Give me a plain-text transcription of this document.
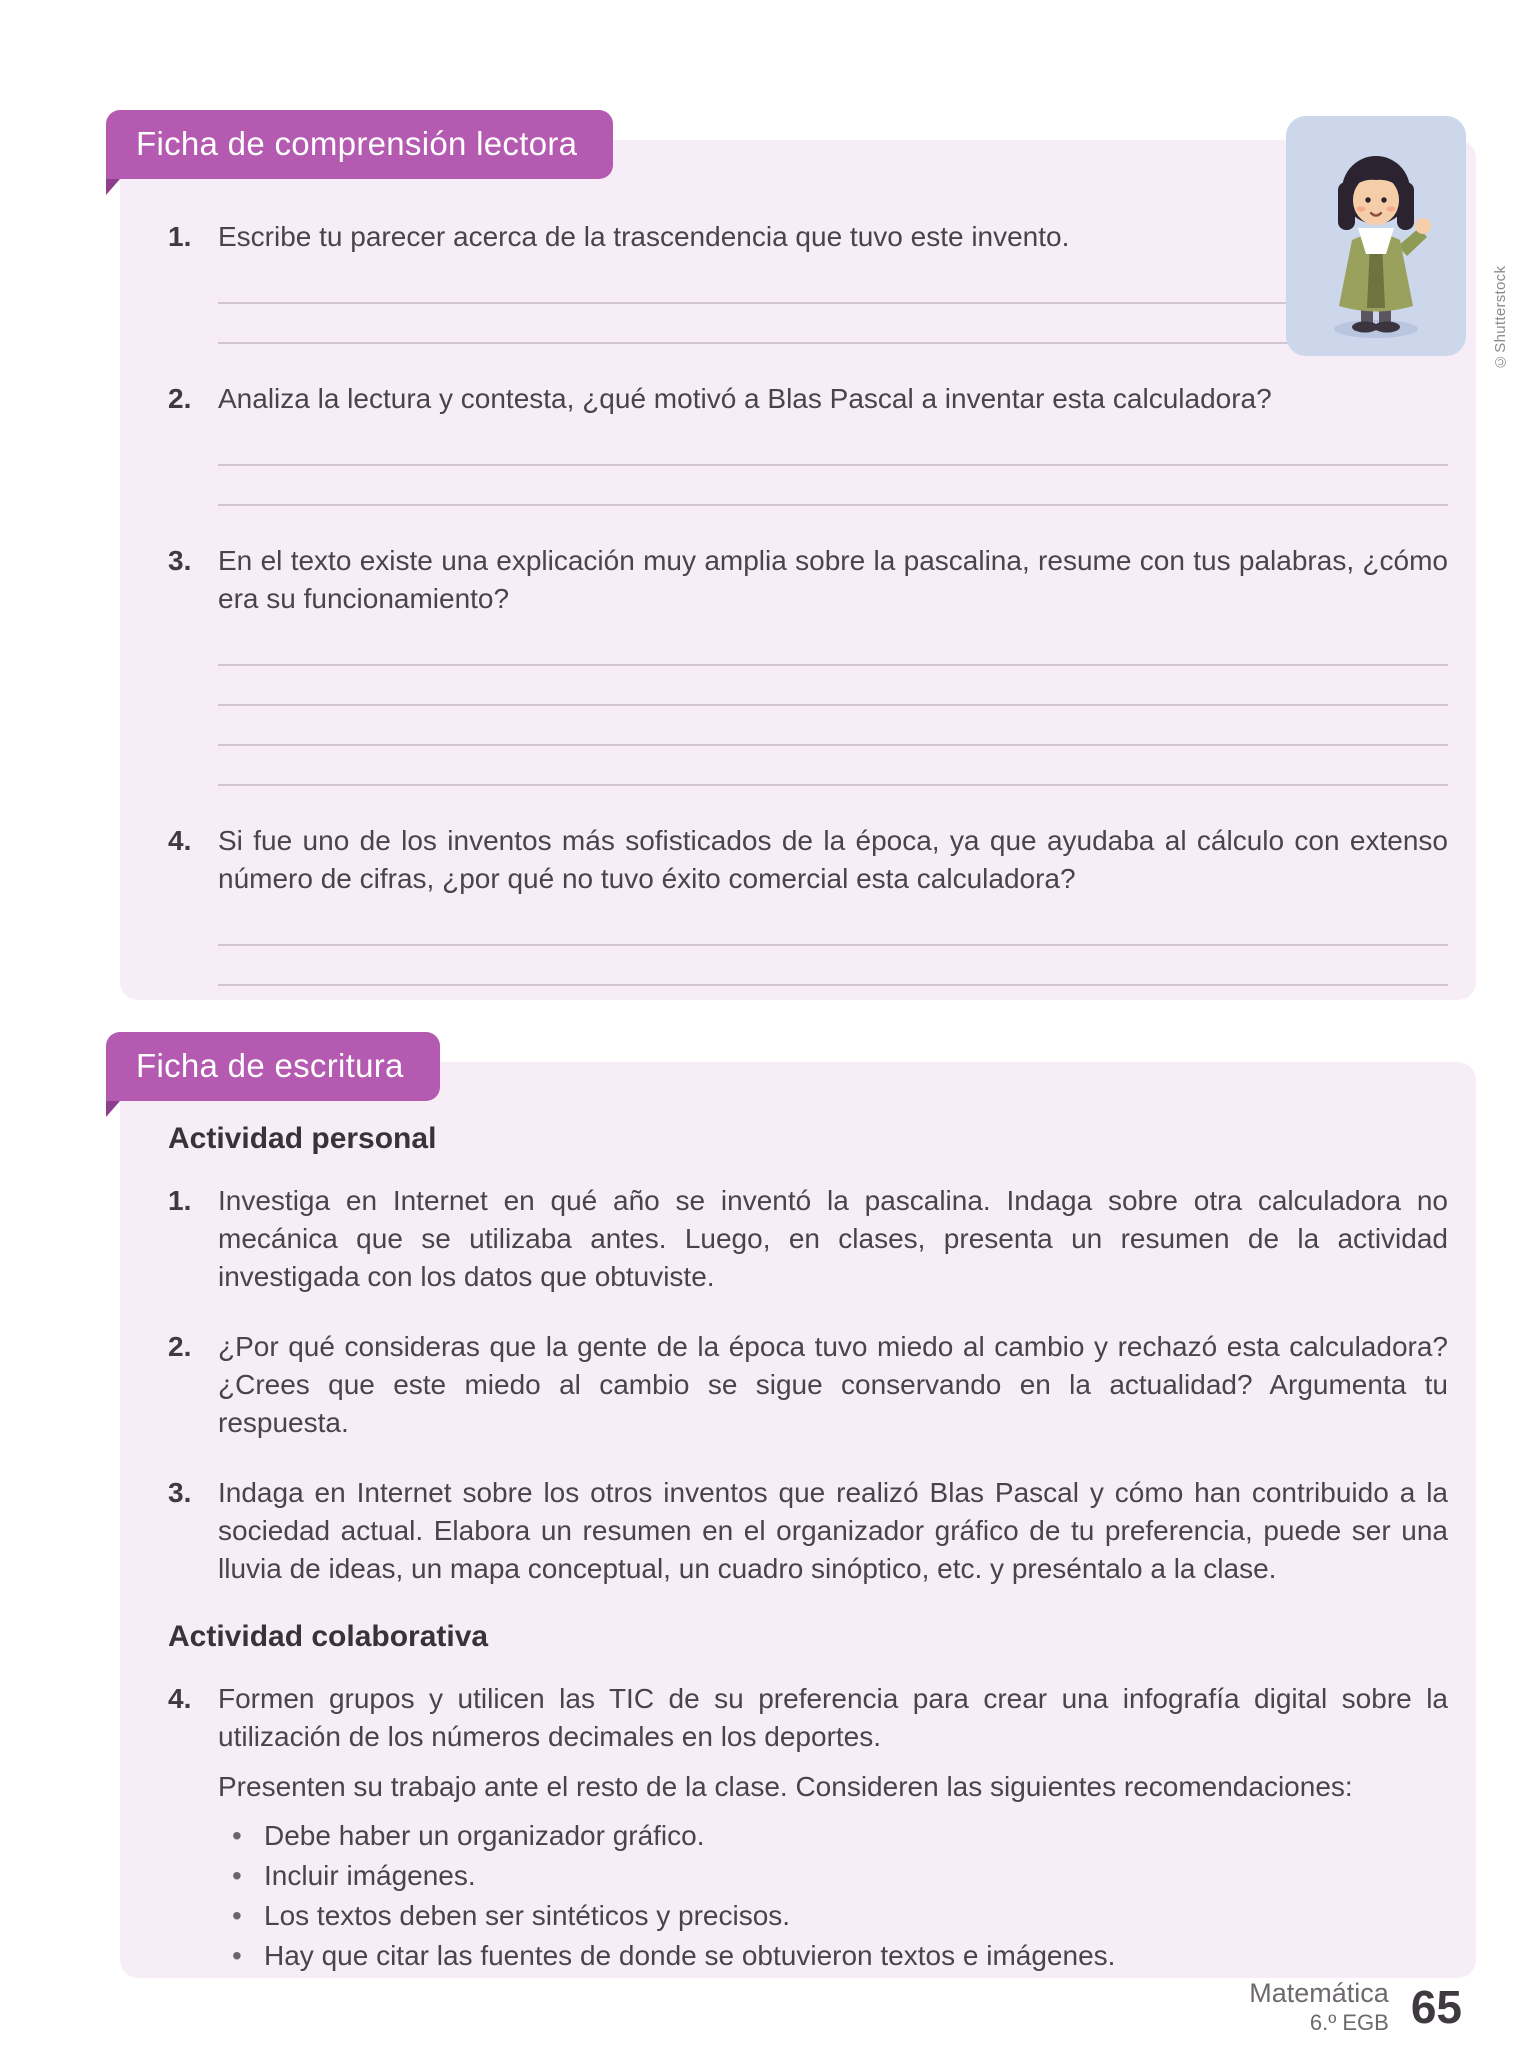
Ficha de comprensión lectora
1. Escribe tu parecer acerca de la trascendencia que tuvo este invento.

2. Analiza la lectura y contesta, ¿qué motivó a Blas Pascal a inventar esta calculadora?

3. En el texto existe una explicación muy amplia sobre la pascalina, resume con tus palabras, ¿cómo era su funcionamiento?

4. Si fue uno de los inventos más sofisticados de la época, ya que ayudaba al cálculo con extenso número de cifras, ¿por qué no tuvo éxito comercial esta calculadora?

©Shutterstock
Ficha de escritura
Actividad personal
1. Investiga en Internet en qué año se inventó la pascalina. Indaga sobre otra calculadora no mecánica que se utilizaba antes. Luego, en clases, presenta un resumen de la actividad investigada con los datos que obtuviste.

2. ¿Por qué consideras que la gente de la época tuvo miedo al cambio y rechazó esta calculadora? ¿Crees que este miedo al cambio se sigue conservando en la actualidad? Argumenta tu respuesta.

3. Indaga en Internet sobre los otros inventos que realizó Blas Pascal y cómo han contribuido a la sociedad actual. Elabora un resumen en el organizador gráfico de tu preferencia, puede ser una lluvia de ideas, un mapa conceptual, un cuadro sinóptico, etc. y preséntalo a la clase.

Actividad colaborativa
4. Formen grupos y utilicen las TIC de su preferencia para crear una infografía digital sobre la utilización de los números decimales en los deportes.

Presenten su trabajo ante el resto de la clase. Consideren las siguientes recomendaciones:

•
Debe haber un organizador gráfico.
•
Incluir imágenes.
•
Los textos deben ser sintéticos y precisos.
•
Hay que citar las fuentes de donde se obtuvieron textos e imágenes.
Matemática
6.º EGB 65
